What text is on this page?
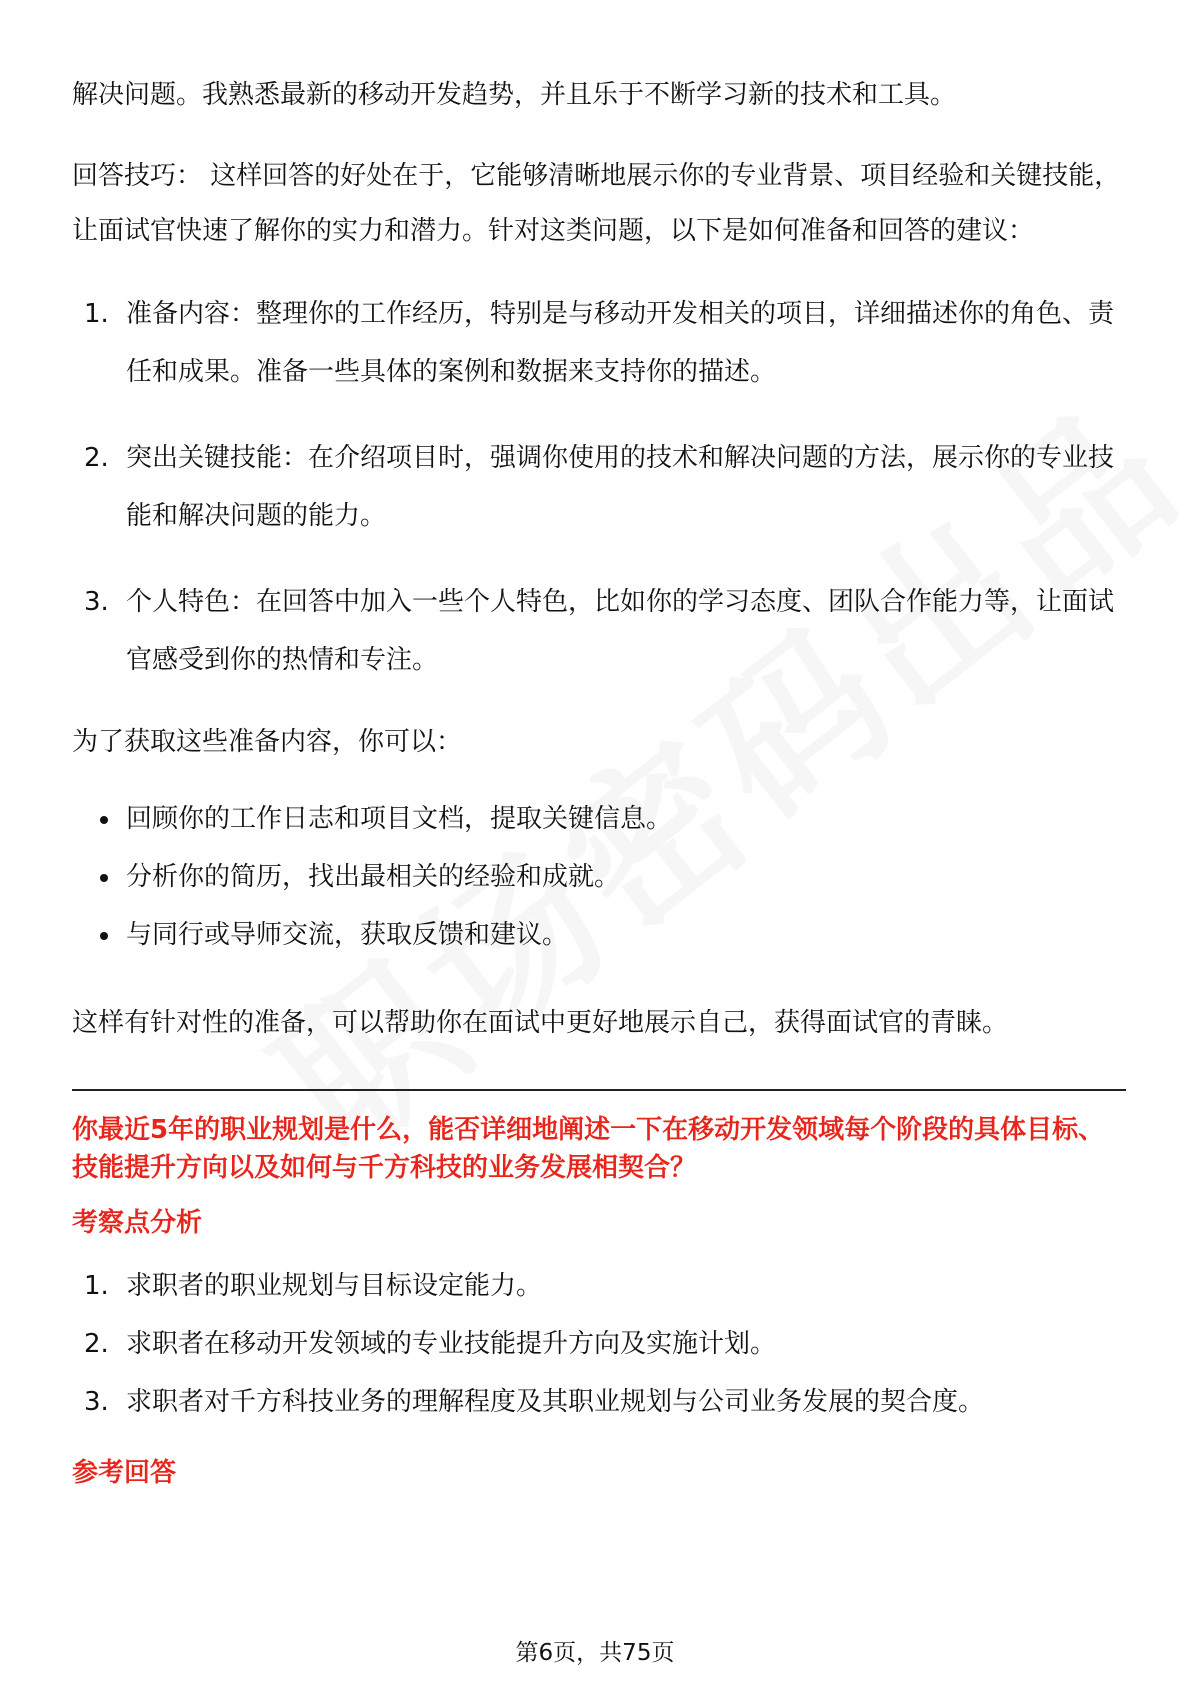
解决问题。我熟悉最新的移动开发趋势，并且乐于不断学习新的技术和工具。

回答技巧： 这样回答的好处在于，它能够清晰地展示你的专业背景、项目经验和关键技能，让面试官快速了解你的实力和潜力。针对这类问题，以下是如何准备和回答的建议：

1. 准备内容：整理你的工作经历，特别是与移动开发相关的项目，详细描述你的角色、责任和成果。准备一些具体的案例和数据来支持你的描述。
2. 突出关键技能：在介绍项目时，强调你使用的技术和解决问题的方法，展示你的专业技能和解决问题的能力。
3. 个人特色：在回答中加入一些个人特色，比如你的学习态度、团队合作能力等，让面试官感受到你的热情和专注。

为了获取这些准备内容，你可以：

回顾你的工作日志和项目文档，提取关键信息。
分析你的简历，找出最相关的经验和成就。
与同行或导师交流，获取反馈和建议。

这样有针对性的准备，可以帮助你在面试中更好地展示自己，获得面试官的青睐。

你最近5年的职业规划是什么，能否详细地阐述一下在移动开发领域每个阶段的具体目标、技能提升方向以及如何与千方科技的业务发展相契合？

考察点分析

1. 求职者的职业规划与目标设定能力。
2. 求职者在移动开发领域的专业技能提升方向及实施计划。
3. 求职者对千方科技业务的理解程度及其职业规划与公司业务发展的契合度。

参考回答

第6页，共75页
